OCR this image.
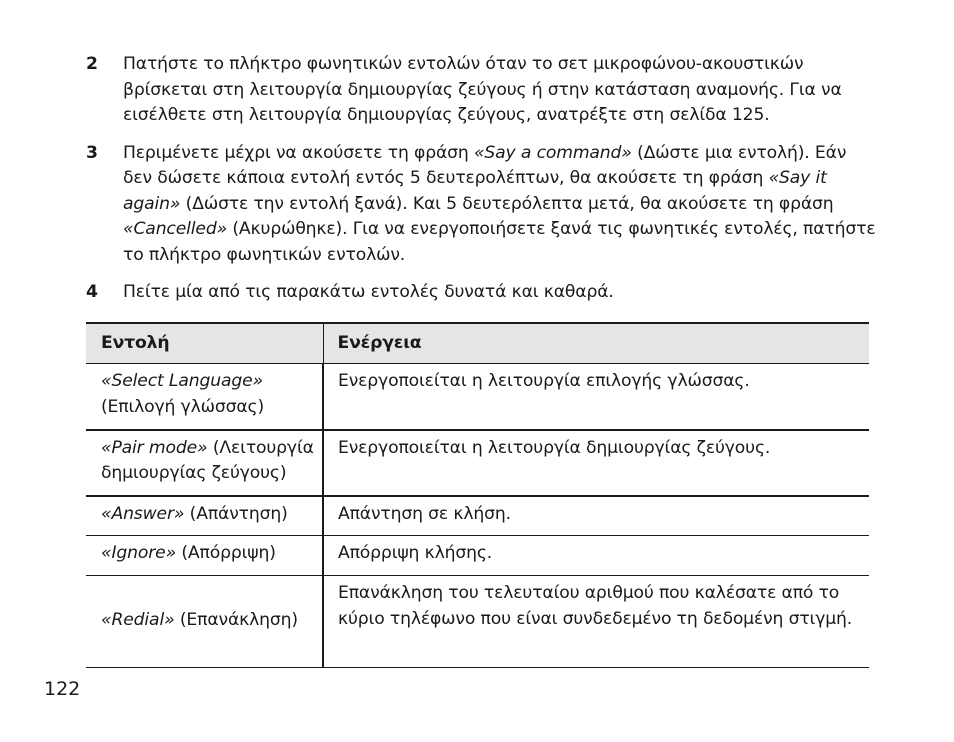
2	Πατήστε το πλήκτρο φωνητικών εντολών όταν το σετ μικροφώνου-ακουστικών βρίσκεται στη λειτουργία δημιουργίας ζεύγους ή στην κατάσταση αναμονής. Για να εισέλθετε στη λειτουργία δημιουργίας ζεύγους, ανατρέξτε στη σελίδα 125.
3	Περιμένετε μέχρι να ακούσετε τη φράση «Say a command» (Δώστε μια εντολή). Εάν δεν δώσετε κάποια εντολή εντός 5 δευτερολέπτων, θα ακούσετε τη φράση «Say it again» (Δώστε την εντολή ξανά). Και 5 δευτερόλεπτα μετά, θα ακούσετε τη φράση «Cancelled» (Ακυρώθηκε). Για να ενεργοποιήσετε ξανά τις φωνητικές εντολές, πατήστε το πλήκτρο φωνητικών εντολών.
4	Πείτε μία από τις παρακάτω εντολές δυνατά και καθαρά.
Εντολή	Ενέργεια
«Select Language»
(Επιλογή γλώσσας)	Ενεργοποιείται η λειτουργία επιλογής γλώσσας.
«Pair mode» (Λειτουργία δημιουργίας ζεύγους)	Ενεργοποιείται η λειτουργία δημιουργίας ζεύγους.
«Answer» (Απάντηση)	Απάντηση σε κλήση.
«Ignore» (Απόρριψη)	Απόρριψη κλήσης.
«Redial» (Επανάκληση)	Επανάκληση του τελευταίου αριθμού που καλέσατε από το κύριο τηλέφωνο που είναι συνδεδεμένο τη δεδομένη στιγμή.
122
